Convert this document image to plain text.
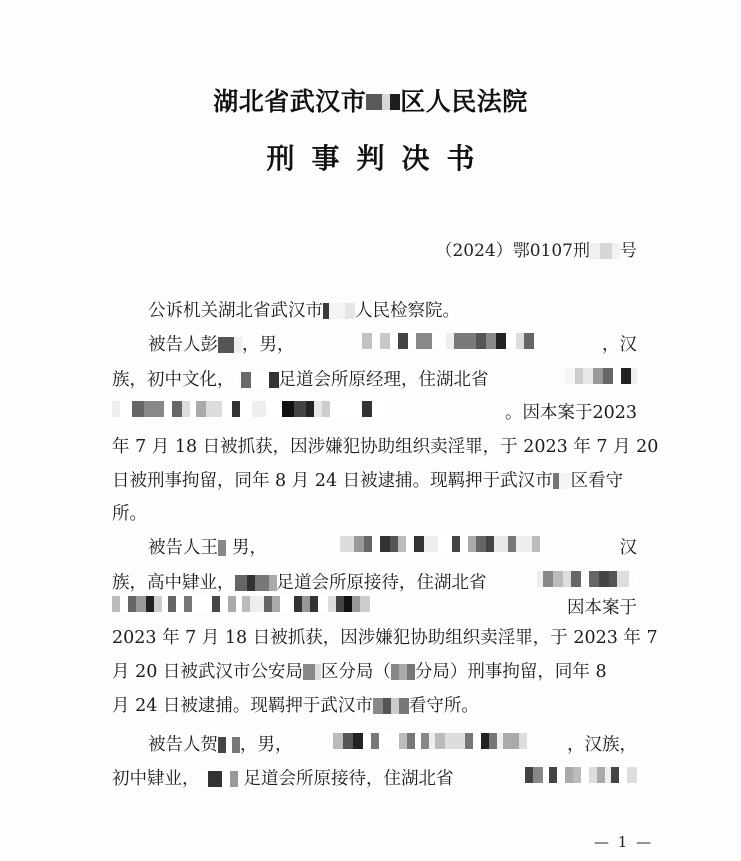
湖北省武汉市 区人民法院
刑事判决书
（2024）鄂0107刑 号
公诉机关湖北省武汉市 人民检察院。
被告人彭 ，男，	，汉
族，初中文化，	足道会所原经理，住湖北省
。因本案于2023
年 7 月 18 日被抓获，因涉嫌犯协助组织卖淫罪，于 2023 年 7 月 20
日被刑事拘留，同年 8 月 24 日被逮捕。现羁押于武汉市 区看守
所。
被告人王 男，	汉
族，高中肄业， 足道会所原接待，住湖北省
因本案于
2023 年 7 月 18 日被抓获，因涉嫌犯协助组织卖淫罪，于 2023 年 7
月 20 日被武汉市公安局 区分局（ 分局）刑事拘留，同年 8
月 24 日被逮捕。现羁押于武汉市 看守所。
被告人贺 ，男，	，汉族，
初中肄业，	足道会所原接待，住湖北省
— 1 —
